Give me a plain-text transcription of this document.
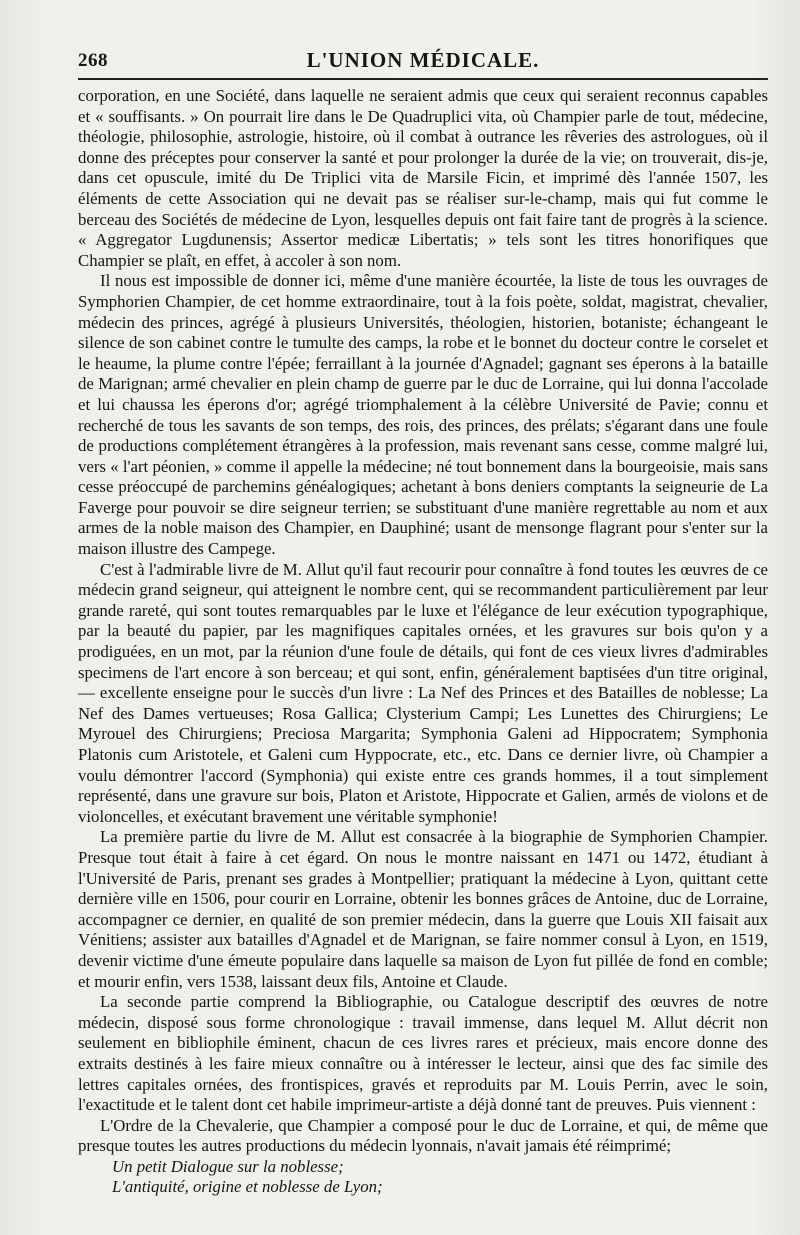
268	L'UNION MÉDICALE.

corporation, en une Société, dans laquelle ne seraient admis que ceux qui seraient reconnus capables et « souffisants. » On pourrait lire dans le De Quadruplici vita, où Champier parle de tout, médecine, théologie, philosophie, astrologie, histoire, où il combat à outrance les rêveries des astrologues, où il donne des préceptes pour conserver la santé et pour prolonger la durée de la vie; on trouverait, dis-je, dans cet opuscule, imité du De Triplici vita de Marsile Ficin, et imprimé dès l'année 1507, les éléments de cette Association qui ne devait pas se réaliser sur-le-champ, mais qui fut comme le berceau des Sociétés de médecine de Lyon, lesquelles depuis ont fait faire tant de progrès à la science. « Aggregator Lugdunensis; Assertor medicæ Libertatis; » tels sont les titres honorifiques que Champier se plaît, en effet, à accoler à son nom.

Il nous est impossible de donner ici, même d'une manière écourtée, la liste de tous les ouvrages de Symphorien Champier, de cet homme extraordinaire, tout à la fois poète, soldat, magistrat, chevalier, médecin des princes, agrégé à plusieurs Universités, théologien, historien, botaniste; échangeant le silence de son cabinet contre le tumulte des camps, la robe et le bonnet du docteur contre le corselet et le heaume, la plume contre l'épée; ferraillant à la journée d'Agnadel; gagnant ses éperons à la bataille de Marignan; armé chevalier en plein champ de guerre par le duc de Lorraine, qui lui donna l'accolade et lui chaussa les éperons d'or; agrégé triomphalement à la célèbre Université de Pavie; connu et recherché de tous les savants de son temps, des rois, des princes, des prélats; s'égarant dans une foule de productions complétement étrangères à la profession, mais revenant sans cesse, comme malgré lui, vers « l'art péonien, » comme il appelle la médecine; né tout bonnement dans la bourgeoisie, mais sans cesse préoccupé de parchemins généalogiques; achetant à bons deniers comptants la seigneurie de La Faverge pour pouvoir se dire seigneur terrien; se substituant d'une manière regrettable au nom et aux armes de la noble maison des Champier, en Dauphiné; usant de mensonge flagrant pour s'enter sur la maison illustre des Campege.

C'est à l'admirable livre de M. Allut qu'il faut recourir pour connaître à fond toutes les œuvres de ce médecin grand seigneur, qui atteignent le nombre cent, qui se recommandent particulièrement par leur grande rareté, qui sont toutes remarquables par le luxe et l'élégance de leur exécution typographique, par la beauté du papier, par les magnifiques capitales ornées, et les gravures sur bois qu'on y a prodiguées, en un mot, par la réunion d'une foule de détails, qui font de ces vieux livres d'admirables specimens de l'art encore à son berceau; et qui sont, enfin, généralement baptisées d'un titre original, — excellente enseigne pour le succès d'un livre : La Nef des Princes et des Batailles de noblesse; La Nef des Dames vertueuses; Rosa Gallica; Clysterium Campi; Les Lunettes des Chirurgiens; Le Myrouel des Chirurgiens; Preciosa Margarita; Symphonia Galeni ad Hippocratem; Symphonia Platonis cum Aristotele, et Galeni cum Hyppocrate, etc., etc. Dans ce dernier livre, où Champier a voulu démontrer l'accord (Symphonia) qui existe entre ces grands hommes, il a tout simplement représenté, dans une gravure sur bois, Platon et Aristote, Hippocrate et Galien, armés de violons et de violoncelles, et exécutant bravement une véritable symphonie!

La première partie du livre de M. Allut est consacrée à la biographie de Symphorien Champier. Presque tout était à faire à cet égard. On nous le montre naissant en 1471 ou 1472, étudiant à l'Université de Paris, prenant ses grades à Montpellier; pratiquant la médecine à Lyon, quittant cette dernière ville en 1506, pour courir en Lorraine, obtenir les bonnes grâces de Antoine, duc de Lorraine, accompagner ce dernier, en qualité de son premier médecin, dans la guerre que Louis XII faisait aux Vénitiens; assister aux batailles d'Agnadel et de Marignan, se faire nommer consul à Lyon, en 1519, devenir victime d'une émeute populaire dans laquelle sa maison de Lyon fut pillée de fond en comble; et mourir enfin, vers 1538, laissant deux fils, Antoine et Claude.

La seconde partie comprend la Bibliographie, ou Catalogue descriptif des œuvres de notre médecin, disposé sous forme chronologique : travail immense, dans lequel M. Allut décrit non seulement en bibliophile éminent, chacun de ces livres rares et précieux, mais encore donne des extraits destinés à les faire mieux connaître ou à intéresser le lecteur, ainsi que des fac simile des lettres capitales ornées, des frontispices, gravés et reproduits par M. Louis Perrin, avec le soin, l'exactitude et le talent dont cet habile imprimeur-artiste a déjà donné tant de preuves. Puis viennent :

L'Ordre de la Chevalerie, que Champier a composé pour le duc de Lorraine, et qui, de même que presque toutes les autres productions du médecin lyonnais, n'avait jamais été réimprimé;

Un petit Dialogue sur la noblesse;

L'antiquité, origine et noblesse de Lyon;
